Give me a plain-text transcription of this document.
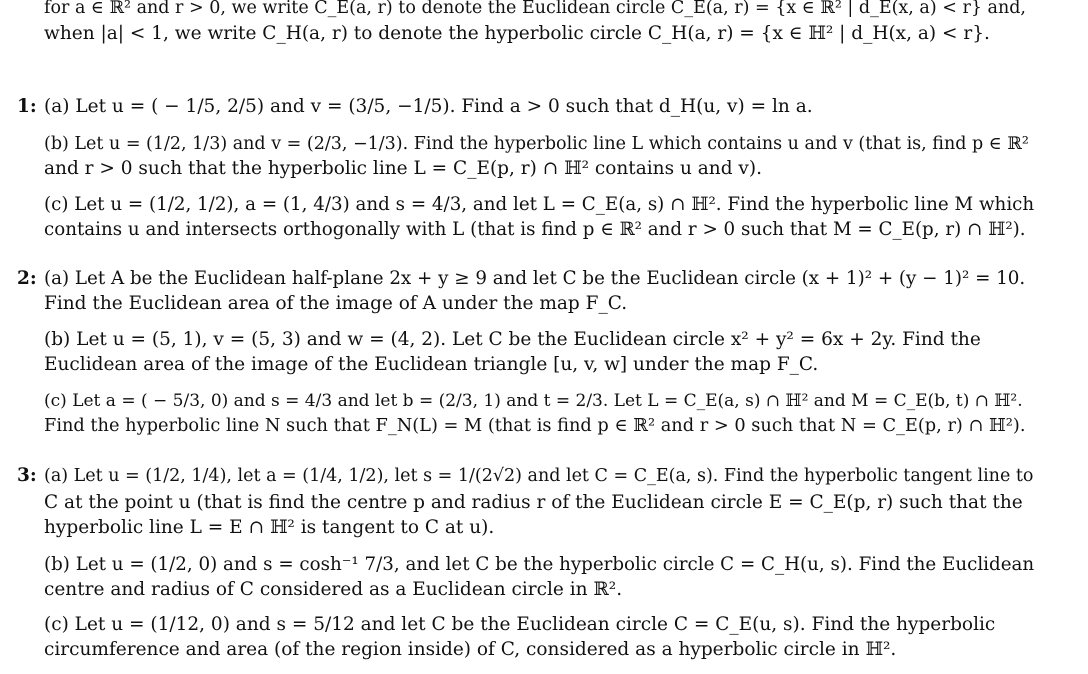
for a ∈ ℝ² and r > 0, we write C_E(a, r) to denote the Euclidean circle C_E(a, r) = {x ∈ ℝ² | d_E(x, a) < r} and,
when |a| < 1, we write C_H(a, r) to denote the hyperbolic circle C_H(a, r) = {x ∈ ℍ² | d_H(x, a) < r}.
1: (a) Let u = ( − 1/5, 2/5) and v = (3/5, −1/5). Find a > 0 such that d_H(u, v) = ln a.
(b) Let u = (1/2, 1/3) and v = (2/3, −1/3). Find the hyperbolic line L which contains u and v (that is, find p ∈ ℝ²
and r > 0 such that the hyperbolic line L = C_E(p, r) ∩ ℍ² contains u and v).
(c) Let u = (1/2, 1/2), a = (1, 4/3) and s = 4/3, and let L = C_E(a, s) ∩ ℍ². Find the hyperbolic line M which
contains u and intersects orthogonally with L (that is find p ∈ ℝ² and r > 0 such that M = C_E(p, r) ∩ ℍ²).
2: (a) Let A be the Euclidean half-plane 2x + y ≥ 9 and let C be the Euclidean circle (x + 1)² + (y − 1)² = 10.
Find the Euclidean area of the image of A under the map F_C.
(b) Let u = (5, 1), v = (5, 3) and w = (4, 2). Let C be the Euclidean circle x² + y² = 6x + 2y. Find the
Euclidean area of the image of the Euclidean triangle [u, v, w] under the map F_C.
(c) Let a = ( − 5/3, 0) and s = 4/3 and let b = (2/3, 1) and t = 2/3. Let L = C_E(a, s) ∩ ℍ² and M = C_E(b, t) ∩ ℍ².
Find the hyperbolic line N such that F_N(L) = M (that is find p ∈ ℝ² and r > 0 such that N = C_E(p, r) ∩ ℍ²).
3: (a) Let u = (1/2, 1/4), let a = (1/4, 1/2), let s = 1/(2√2) and let C = C_E(a, s). Find the hyperbolic tangent line to
C at the point u (that is find the centre p and radius r of the Euclidean circle E = C_E(p, r) such that the
hyperbolic line L = E ∩ ℍ² is tangent to C at u).
(b) Let u = (1/2, 0) and s = cosh⁻¹ 7/3, and let C be the hyperbolic circle C = C_H(u, s). Find the Euclidean
centre and radius of C considered as a Euclidean circle in ℝ².
(c) Let u = (1/12, 0) and s = 5/12 and let C be the Euclidean circle C = C_E(u, s). Find the hyperbolic
circumference and area (of the region inside) of C, considered as a hyperbolic circle in ℍ².
